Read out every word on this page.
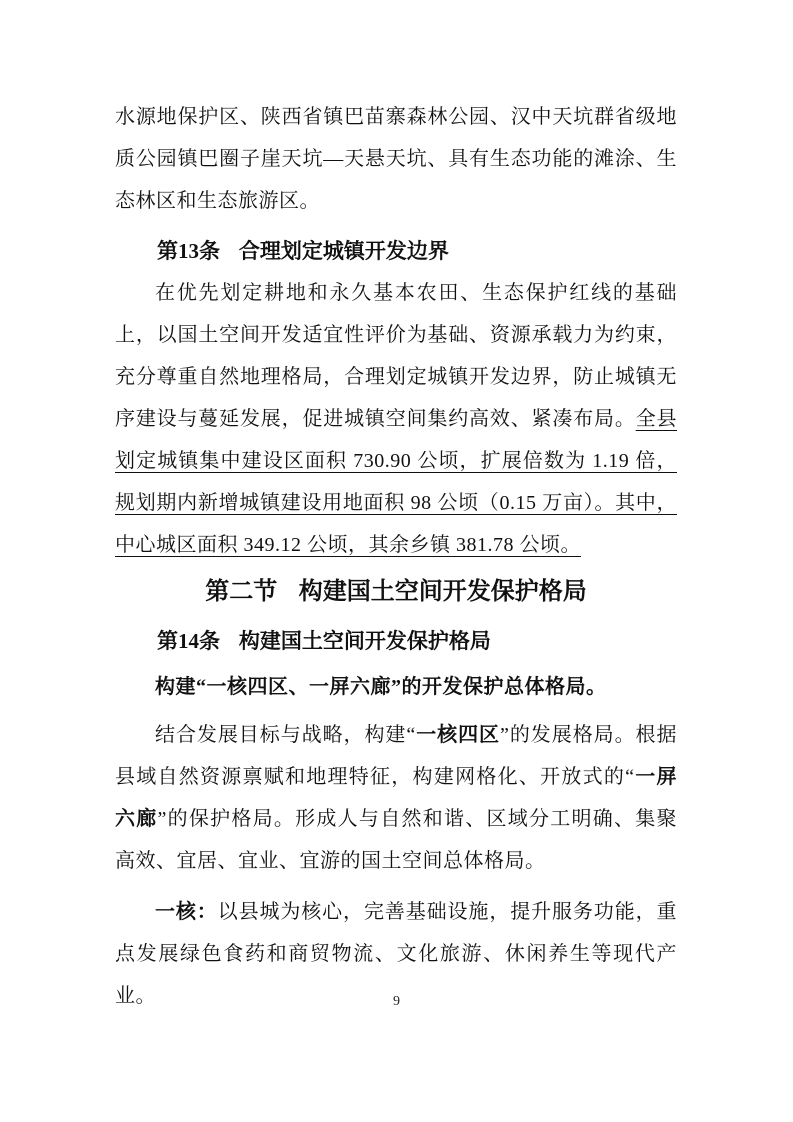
水源地保护区、陕西省镇巴苗寨森林公园、汉中天坑群省级地质公园镇巴圈子崖天坑—天悬天坑、具有生态功能的滩涂、生态林区和生态旅游区。

第13条 合理划定城镇开发边界

在优先划定耕地和永久基本农田、生态保护红线的基础上，以国土空间开发适宜性评价为基础、资源承载力为约束，充分尊重自然地理格局，合理划定城镇开发边界，防止城镇无序建设与蔓延发展，促进城镇空间集约高效、紧凑布局。全县划定城镇集中建设区面积 730.90 公顷，扩展倍数为 1.19 倍，规划期内新增城镇建设用地面积 98 公顷（0.15 万亩）。其中，中心城区面积 349.12 公顷，其余乡镇 381.78 公顷。

第二节 构建国土空间开发保护格局
第14条 构建国土空间开发保护格局

构建“一核四区、一屏六廊”的开发保护总体格局。

结合发展目标与战略，构建“一核四区”的发展格局。根据县域自然资源禀赋和地理特征，构建网格化、开放式的“一屏六廊”的保护格局。形成人与自然和谐、区域分工明确、集聚高效、宜居、宜业、宜游的国土空间总体格局。

一核：以县城为核心，完善基础设施，提升服务功能，重点发展绿色食药和商贸物流、文化旅游、休闲养生等现代产业。	9
